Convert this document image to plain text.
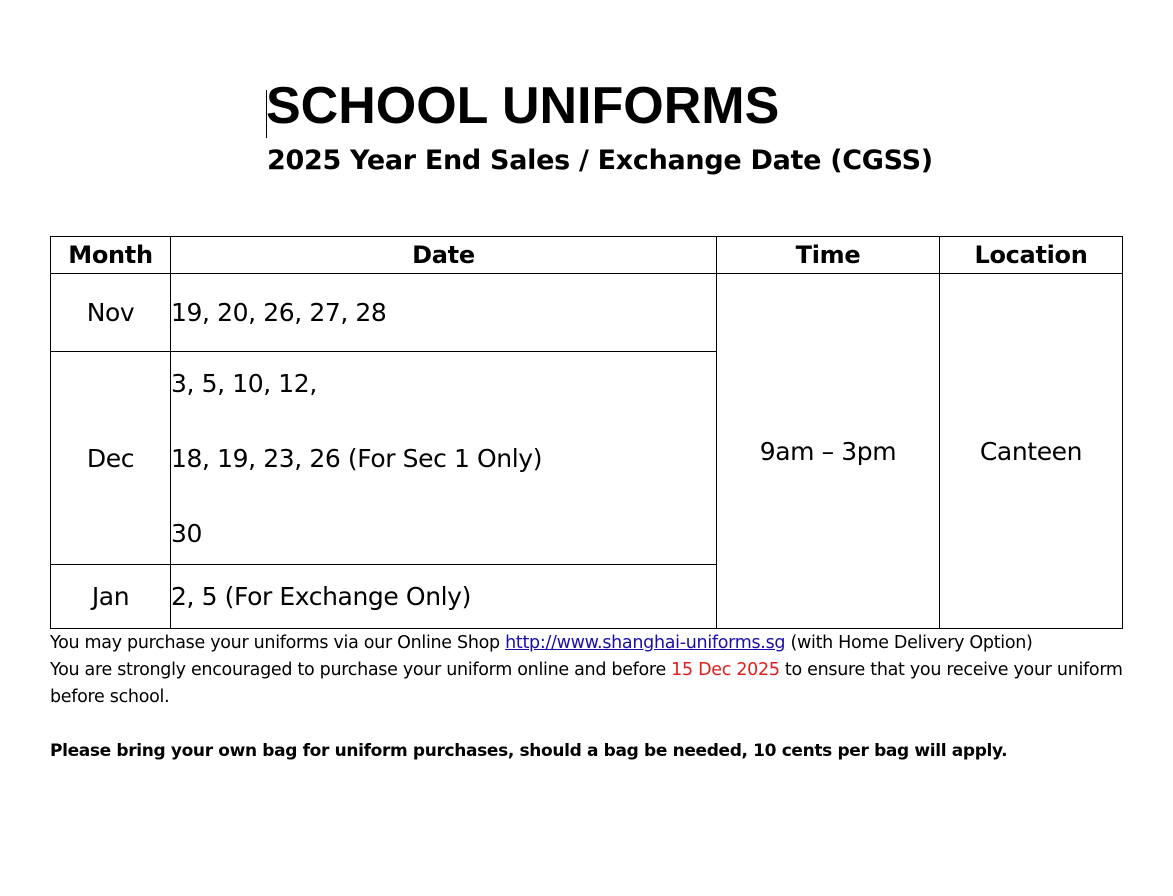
SCHOOL UNIFORMS
2025 Year End Sales / Exchange Date (CGSS)
Month	Date	Time	Location
Nov	19, 20, 26, 27, 28	9am – 3pm	Canteen
Dec	3, 5, 10, 12,
18, 19, 23, 26 (For Sec 1 Only)
30		

Jan	2, 5 (For Exchange Only)		

You may purchase your uniforms via our Online Shop http://www.shanghai-uniforms.sg (with Home Delivery Option)

You are strongly encouraged to purchase your uniform online and before 15 Dec 2025 to ensure that you receive your uniform before school.

Please bring your own bag for uniform purchases, should a bag be needed, 10 cents per bag will apply.
